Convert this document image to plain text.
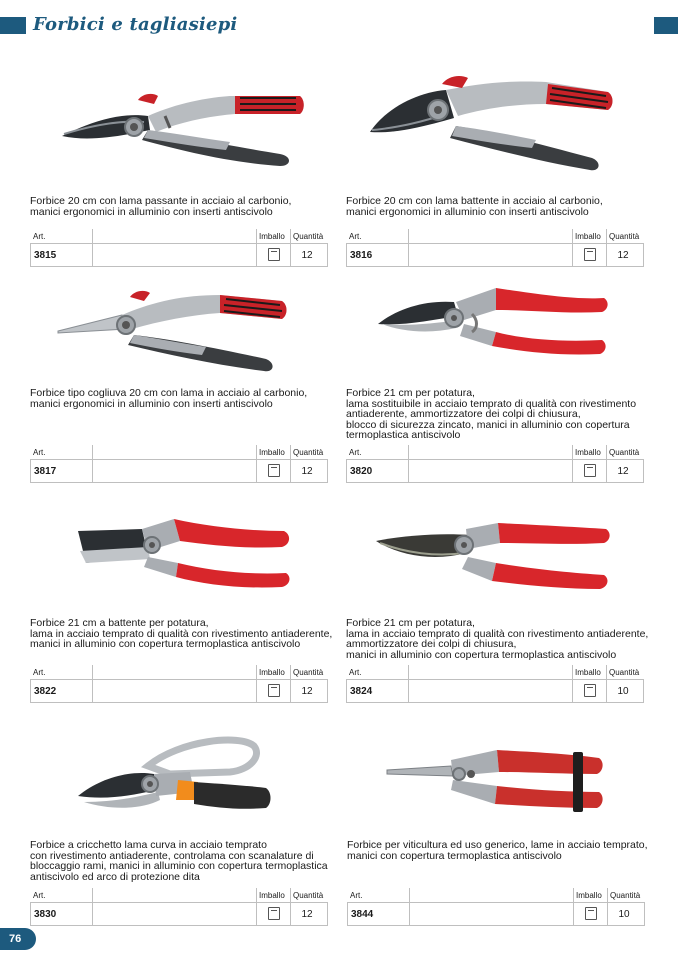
Forbici e tagliasiepi
Forbice 20 cm con lama passante in acciaio al carbonio,
manici ergonomici in alluminio con inserti antiscivolo
Art.	Imballo Quantità
3815	12
Forbice 20 cm con lama battente in acciaio al carbonio,
manici ergonomici in alluminio con inserti antiscivolo
Art.	Imballo Quantità
3816	12
Forbice tipo cogliuva 20 cm con lama in acciaio al carbonio,
manici ergonomici in alluminio con inserti antiscivolo
Art.	Imballo Quantità
3817	12
Forbice 21 cm per potatura,
lama sostituibile in acciaio temprato di qualità con rivestimento
antiaderente, ammortizzatore dei colpi di chiusura,
blocco di sicurezza zincato, manici in alluminio con copertura
termoplastica antiscivolo
Art.	Imballo Quantità
3820	12
Forbice 21 cm a battente per potatura,
lama in acciaio temprato di qualità con rivestimento antiaderente,
manici in alluminio con copertura termoplastica antiscivolo
Art.	Imballo Quantità
3822	12
Forbice 21 cm per potatura,
lama in acciaio temprato di qualità con rivestimento antiaderente,
ammortizzatore dei colpi di chiusura,
manici in alluminio con copertura termoplastica antiscivolo
Art.	Imballo Quantità
3824	10
Forbice a cricchetto lama curva in acciaio temprato
con rivestimento antiaderente, controlama con scanalature di
bloccaggio rami, manici in alluminio con copertura termoplastica
antiscivolo ed arco di protezione dita
Art.	Imballo Quantità
3830	12
Forbice per viticultura ed uso generico, lame in acciaio temprato,
manici con copertura termoplastica antiscivolo
Art.	Imballo Quantità
3844	10
76
